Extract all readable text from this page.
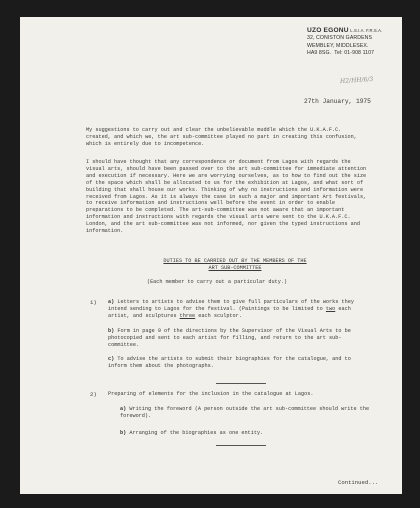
UZO EGONU L.S.I.A. F.R.S.A.
32, CONISTON GARDENS
WEMBLEY, MIDDLESEX.
HA9 8SG. Tel: 01-908 1107
H2/HH/6/3
27th January, 1975

My suggestions to carry out and clear the unbelievable muddle which the U.K.A.F.C. created, and which we, the art sub-committee played no part in creating this confusion, which is entirely due to incompetence.

I should have thought that any correspondence or document from Lagos with regards the visual arts, should have been passed over to the art sub-committee for immediate attention and execution if necessary. Here we are worrying ourselves, as to how to find out the size of the space which shall be allocated to us for the exhibition at Lagos, and what sort of building that shall house our works. Thinking of why no instructions and information were received from Lagos. As it is always the case in such a major and important Art festivals, to receive information and instructions well before the event in order to enable preparations to be completed. The art-sub-committee was not aware that an important information and instructions with regards the visual arts were sent to the U.K.A.F.C. London, and the art sub-committee was not informed, nor given the typed instructions and information.

DUTIES TO BE CARRIED OUT BY THE MEMBERS OF THE
ART SUB-COMMITTEE

(Each member to carry out a particular duty.)

1) a) Letters to artists to advise them to give full particulars of the works they intend sending to Lagos for the festival. (Paintings to be limited to two each artist, and sculptures three each sculptor.

b) Form in page 9 of the directions by the Supervisor of the Visual Arts to be photocopied and sent to each artist for filling, and return to the art sub-committee.

c) To advise the artists to submit their biographies for the catalogue, and to inform them about the photographs.

2) Preparing of elements for the inclusion in the catalogue at Lagos.

a) Writing the foreword (A person outside the art sub-committee should write the foreword).

b) Arranging of the biographies as one entity.

Continued...
